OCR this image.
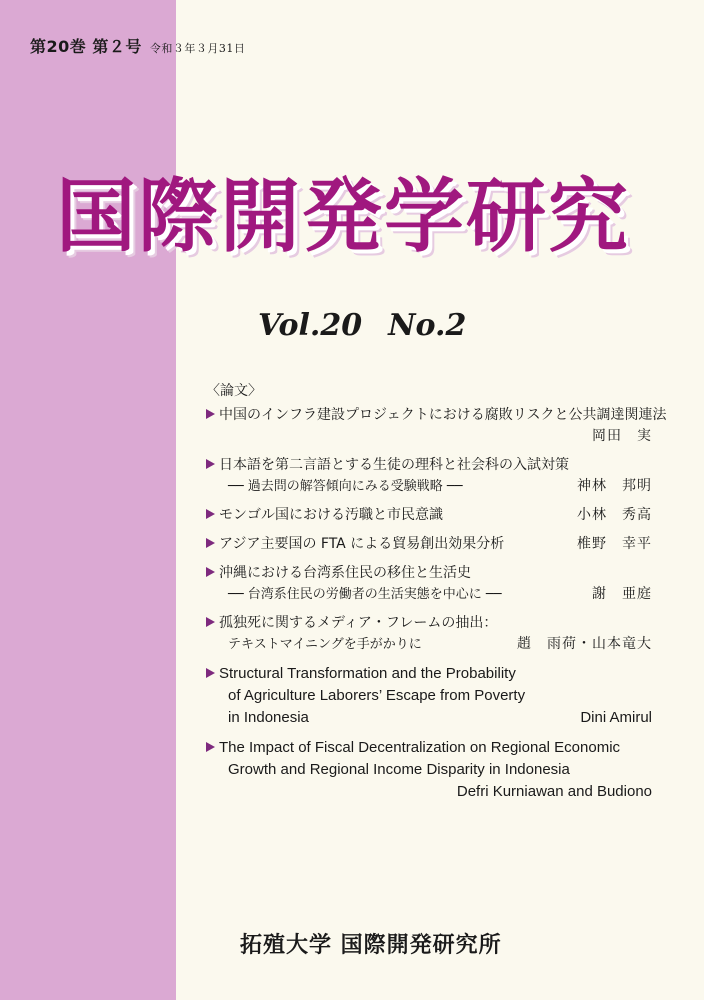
第20巻 第２号 令和３年３月31日
国際開発学研究
Vol.20 No.2
〈論文〉
中国のインフラ建設プロジェクトにおける腐敗リスクと公共調達関連法
岡田　実
日本語を第二言語とする生徒の理科と社会科の入試対策
── 過去問の解答傾向にみる受験戦略 ──	神林　邦明
モンゴル国における汚職と市民意識	小林　秀高
アジア主要国の FTA による貿易創出効果分析	椎野　幸平
沖縄における台湾系住民の移住と生活史
── 台湾系住民の労働者の生活実態を中心に ──	謝　亜庭
孤独死に関するメディア・フレームの抽出：
テキストマイニングを手がかりに	趙　雨荷・山本竜大
Structural Transformation and the Probability
of Agriculture Laborers’ Escape from Poverty
in Indonesia	Dini Amirul
The Impact of Fiscal Decentralization on Regional Economic
Growth and Regional Income Disparity in Indonesia
Defri Kurniawan and Budiono
拓殖大学 国際開発研究所
